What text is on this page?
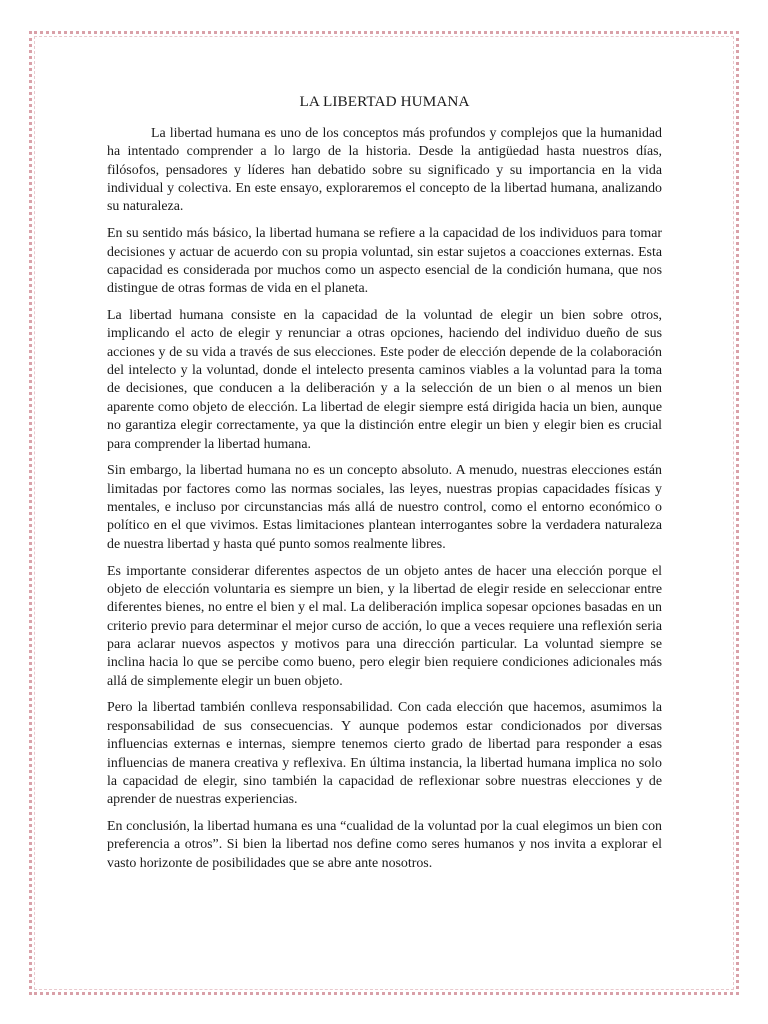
LA LIBERTAD HUMANA

La libertad humana es uno de los conceptos más profundos y complejos que la humanidad ha intentado comprender a lo largo de la historia. Desde la antigüedad hasta nuestros días, filósofos, pensadores y líderes han debatido sobre su significado y su importancia en la vida individual y colectiva. En este ensayo, exploraremos el concepto de la libertad humana, analizando su naturaleza.

En su sentido más básico, la libertad humana se refiere a la capacidad de los individuos para tomar decisiones y actuar de acuerdo con su propia voluntad, sin estar sujetos a coacciones externas. Esta capacidad es considerada por muchos como un aspecto esencial de la condición humana, que nos distingue de otras formas de vida en el planeta.

La libertad humana consiste en la capacidad de la voluntad de elegir un bien sobre otros, implicando el acto de elegir y renunciar a otras opciones, haciendo del individuo dueño de sus acciones y de su vida a través de sus elecciones. Este poder de elección depende de la colaboración del intelecto y la voluntad, donde el intelecto presenta caminos viables a la voluntad para la toma de decisiones, que conducen a la deliberación y a la selección de un bien o al menos un bien aparente como objeto de elección. La libertad de elegir siempre está dirigida hacia un bien, aunque no garantiza elegir correctamente, ya que la distinción entre elegir un bien y elegir bien es crucial para comprender la libertad humana.

Sin embargo, la libertad humana no es un concepto absoluto. A menudo, nuestras elecciones están limitadas por factores como las normas sociales, las leyes, nuestras propias capacidades físicas y mentales, e incluso por circunstancias más allá de nuestro control, como el entorno económico o político en el que vivimos. Estas limitaciones plantean interrogantes sobre la verdadera naturaleza de nuestra libertad y hasta qué punto somos realmente libres.

Es importante considerar diferentes aspectos de un objeto antes de hacer una elección porque el objeto de elección voluntaria es siempre un bien, y la libertad de elegir reside en seleccionar entre diferentes bienes, no entre el bien y el mal. La deliberación implica sopesar opciones basadas en un criterio previo para determinar el mejor curso de acción, lo que a veces requiere una reflexión seria para aclarar nuevos aspectos y motivos para una dirección particular. La voluntad siempre se inclina hacia lo que se percibe como bueno, pero elegir bien requiere condiciones adicionales más allá de simplemente elegir un buen objeto.

Pero la libertad también conlleva responsabilidad. Con cada elección que hacemos, asumimos la responsabilidad de sus consecuencias. Y aunque podemos estar condicionados por diversas influencias externas e internas, siempre tenemos cierto grado de libertad para responder a esas influencias de manera creativa y reflexiva. En última instancia, la libertad humana implica no solo la capacidad de elegir, sino también la capacidad de reflexionar sobre nuestras elecciones y de aprender de nuestras experiencias.

En conclusión, la libertad humana es una “cualidad de la voluntad por la cual elegimos un bien con preferencia a otros”. Si bien la libertad nos define como seres humanos y nos invita a explorar el vasto horizonte de posibilidades que se abre ante nosotros.
